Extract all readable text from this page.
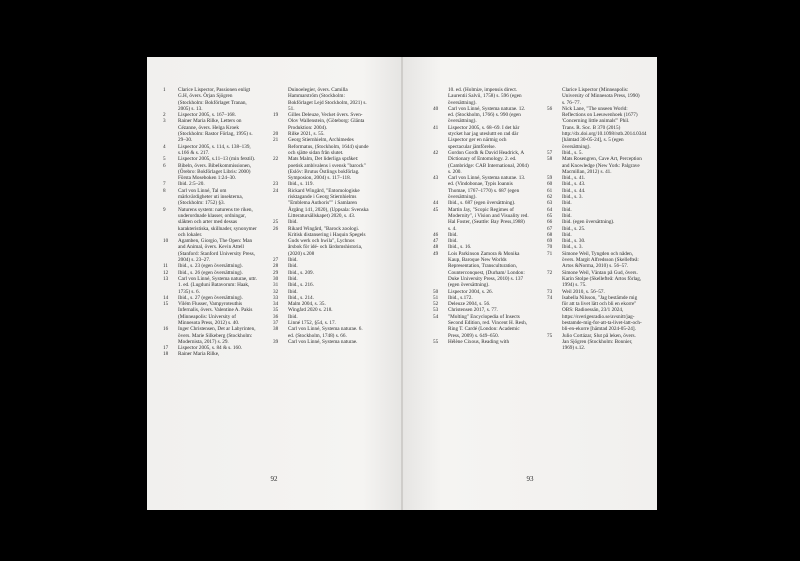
1 Clarice Lispector, Passionen enligt G.H, övers. Örjan Sjögren (Stockholm: Bokförlaget Tranan, 2005) s. 13.
2 Lispector 2005, s. 167–168.
3 Rainer Maria Rilke, Letters on Cézanne, övers. Helga Kroek (Stockholm: Rastor Förlag, 1995) s. 29–30.
4 Lispector 2005, s. 114, s. 138–139, s.166 & s. 217.
5 Lispector 2005, s.11–13 (min fetstil).
6 Bibeln, övers. Bibelkommissionen, (Örebro: Bokförlaget Libris: 2000) Första Moseboken 1:24–30.
7 Ibid. 2:5–20.
8 Carl von Linné, Tal om märkvärdigheter uti insekterna, (Stockholm: 1752) §3.
9 Naturens system: naturens tre riken, underordnade klasser, ordningar, släkten och arter med dessas karakteristiska, skillnader, synonymer och lokaler.
10 Agamben, Giorgio, The Open: Man and Animal, övers. Kevin Attell (Stanford: Stanford University Press, 2004) s. 23–27.
11 Ibid., s. 23 (egen översättning).
12 Ibid., s. 26 (egen översättning).
13 Carl von Linné, Systema naturae, uttr. 1. ed. (Lugduni Batavorum: Haak, 1735) s. 6.
14 Ibid., s. 27 (egen översättning).
15 Vilém Flusser, Vampyroteuthis Infernalis, övers. Valentine A. Pakis (Minneapolis: University of Minnesota Press, 2012) s. 40.
16 Inger Christensen, Det ar Labyrinten, övers. Marie Silkeberg (Stockholm: Modernista, 2017) s. 29.
17 Lispector 2005, s. 84 & s. 160.
18 Rainer Maria Rilke,
Duinoelegier, övers. Camilla Hammarström (Stockholm: Bokförlaget Lejd Stockholm, 2021) s. 51.
19 Gilles Deleuze, Vecket övers. Sven-Olov Wallenstein, (Göteborg: Glänta Produktion: 2004).
20 Rilke 2021, s. 55.
21 Georg Stiernhielm, Archimedes Reformatus, (Stockholm, 1644) sjunde och sjätte sidan från slutet.
22 Mats Malm, Det liderliga språket: poetisk ambivalens i svensk "barock" (Eslöv: Brutus Östlings bokförlag. Symposion, 2004) s. 117–118.
23 Ibid., s. 119.
24 Rickard Wingård, "Entomologiske risktagande i Georg Stiernhielms "Emblema Authoris"" i Samlaren Årgång 141, 2020), (Uppsala: Svenska Litteratursällskapet) 2020, s. 43.
25 Ibid.
26 Rikard Wingård, "Barock zoologi. Kritisk distansering i Haquin Spegels Guds werk och hwila", Lychnos årsbok för idé- och lärdomshistoria, (2020) s.208
27 Ibid.
28 Ibid.
29 Ibid., s. 209.
30 Ibid.
31 Ibid., s. 216.
32 Ibid.
33 Ibid., s. 214.
34 Malm 2004, s. 35.
35 Wingård 2020 s. 218.
36 Ibid.
37 Linné 1752, §54, s. 17.
38 Carl von Linné, Systema naturae. 6. ed. (Stockholm, 1748) s. 66.
39 Carl von Linné, Systema naturae.
92
10. ed. (Holmiæ, impensis direct. Laurentii Salvii, 1758) s. 596 (egen översättning).
40 Carl von Linné, Systema naturae. 12. ed. (Stockholm, 1766) s. 990 (egen översättning).
41 Lispector 2005, s. 68–69. I det här stycket har jag utesluttt en rad där Lispector ger en närmig och spectacular jämförelse.
42 Gordon Gordh & David Headrick, A Dictionary of Entomology. 2. ed. (Cambridge: CAB International, 2004) s. 200.
43 Carl von Linné, Systema naturae. 13. ed. (Vindobonae, Typis Ioannis Thomae, 1767–1770) s. 687 (egen översättning).
44 Ibid., s. 687 (egen översättning).
45 Martin Jay, "Scopic Regimes of Modernity", i Vision and Visuality red. Hal Foster, (Seattle: Bay Press,1988) s. 4.
46 Ibid.
47 Ibid.
48 Ibid., s. 16.
49 Lois Parkinson Zamora & Monika Kaup, Baroque New Worlds Representation, Transculturation, Counterconquest, (Durham/ London: Duke University Press, 2010) s. 137 (egen översättning).
50 Lispector 2004, s. 26.
51 Ibid., s.172.
52 Deleuze 2004, s. 56.
53 Christensen 2017, s. 77.
54 "Molting" Encyclopedia of Insects Second Edition, red. Vincent H. Resh, Ring T. Cardé (London: Academic Press, 2009) s. 649–650.
55 Hélène Cixous, Reading with
Clarice Lispector (Minneapolis: University of Minnesota Press, 1990) s. 76–77.
56 Nick Lane, "The unseen World: Reflections on Leeuwenhoek (1677) 'Concerning little animals'" Phil. Trans. R. Soc. B 370 (2015) http://dx.doi.org/10.1098/rstb.2014.0344 [hämtad 30-05-24], s. 5 (egen översättning).
57 Ibid., s. 5.
58 Mats Rosengren, Cave Art, Perception and Knowledge (New York: Palgrave Macmillan, 2012) s. 41.
59 Ibid., s. 41.
60 Ibid., s. 43.
61 Ibid., s. 44.
62 Ibid., s. 3.
63 Ibid.
64 Ibid.
65 Ibid.
66 Ibid. (egen översättning).
67 Ibid., s. 25.
68 Ibid.
69 Ibid., s. 30.
70 Ibid., s. 3.
71 Simone Weil, Tyngden och nåden, övers. Margit Alfredsson (Skellefteå: Artos &Norma, 2010) s. 56–57.
72 Simone Weil, Väntan på Gud, övers. Karin Stolpe (Skellefteå: Artos förlag, 1994) s. 75.
73 Weil 2010, s. 56–57.
74 Isabella Nilsson, "Jag bestämde mig för att ta livet lätt och bli en ekorre" OBS: Radioessän, 23/1 2024, https://sverigesradio.se/avsnitt/jag-bestamde-mig-for-att-ta-livet-latt-och-bli-en-ekorre [hämtad 2024-05-24].
75 Julio Cortázar, Slut på leken, övers. Jan Sjögren (Stockholm: Bonnier, 1969) s.12.
93
